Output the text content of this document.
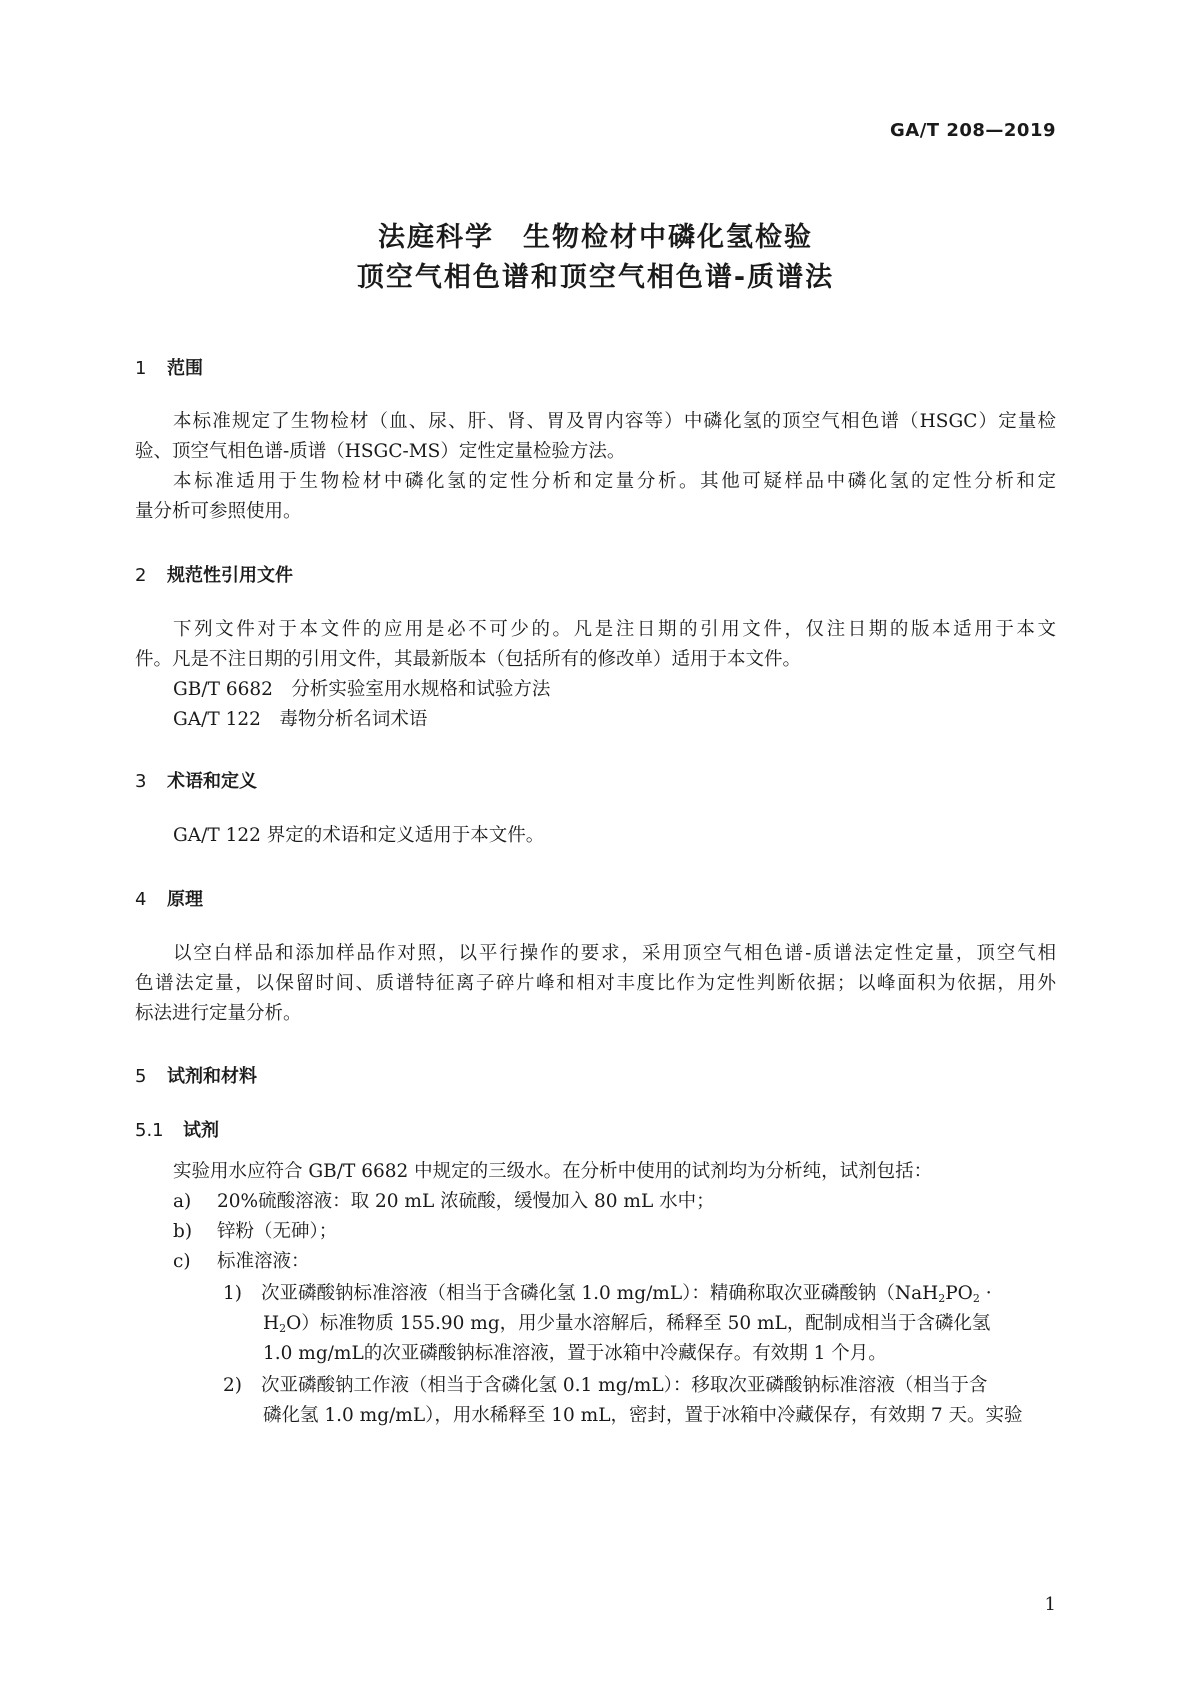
GA/T 208—2019
法庭科学　生物检材中磷化氢检验
顶空气相色谱和顶空气相色谱-质谱法
1 范围
本标准规定了生物检材（血、尿、肝、肾、胃及胃内容等）中磷化氢的顶空气相色谱（HSGC）定量检
验、顶空气相色谱-质谱（HSGC-MS）定性定量检验方法。
本标准适用于生物检材中磷化氢的定性分析和定量分析。其他可疑样品中磷化氢的定性分析和定
量分析可参照使用。
2 规范性引用文件
下列文件对于本文件的应用是必不可少的。凡是注日期的引用文件，仅注日期的版本适用于本文
件。凡是不注日期的引用文件，其最新版本（包括所有的修改单）适用于本文件。
GB/T 6682　分析实验室用水规格和试验方法
GA/T 122　毒物分析名词术语
3 术语和定义
GA/T 122 界定的术语和定义适用于本文件。
4 原理
以空白样品和添加样品作对照，以平行操作的要求，采用顶空气相色谱-质谱法定性定量，顶空气相
色谱法定量，以保留时间、质谱特征离子碎片峰和相对丰度比作为定性判断依据；以峰面积为依据，用外
标法进行定量分析。
5 试剂和材料
5.1 试剂
实验用水应符合 GB/T 6682 中规定的三级水。在分析中使用的试剂均为分析纯，试剂包括：
a) 20%硫酸溶液：取 20 mL 浓硫酸，缓慢加入 80 mL 水中；
b) 锌粉（无砷）；
c) 标准溶液：
1) 次亚磷酸钠标准溶液（相当于含磷化氢 1.0 mg/mL）：精确称取次亚磷酸钠（$NaH_2PO_2$ ·
$H_2O$）标准物质 155.90 mg，用少量水溶解后，稀释至 50 mL，配制成相当于含磷化氢
1.0 mg/mL的次亚磷酸钠标准溶液，置于冰箱中冷藏保存。有效期 1 个月。
2) 次亚磷酸钠工作液（相当于含磷化氢 0.1 mg/mL）：移取次亚磷酸钠标准溶液（相当于含
磷化氢 1.0 mg/mL），用水稀释至 10 mL，密封，置于冰箱中冷藏保存，有效期 7 天。实验
1
